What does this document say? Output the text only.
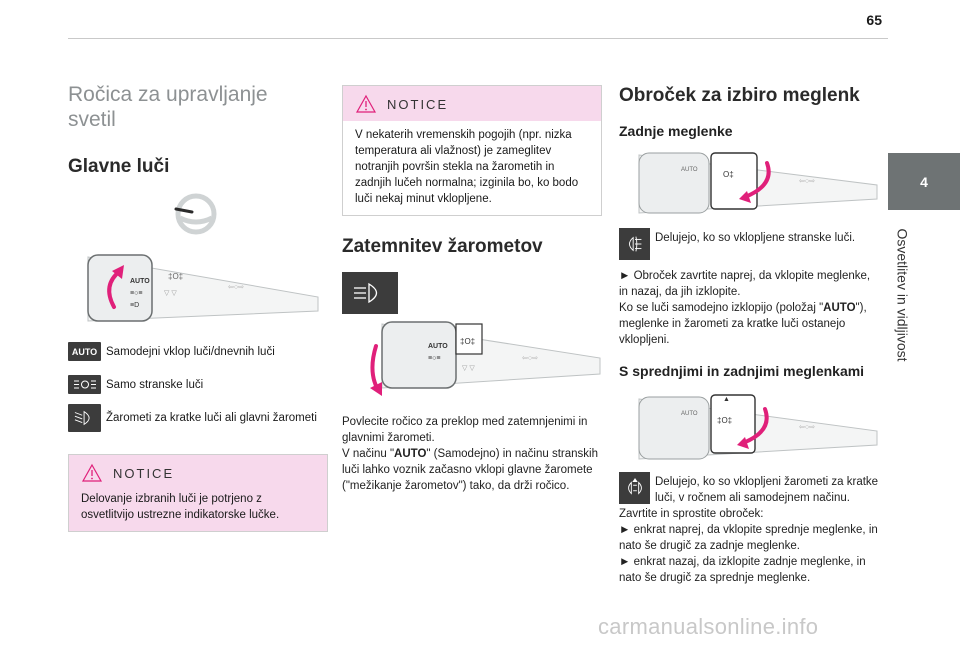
65
4
Osvetlitev in vidljivost
Ročica za upravljanje svetil
Glavne luči
AUTO
≡○≡
≡D
‡O‡
▽ ▽
⇦○⇨
AUTO Samodejni vklop luči/dnevnih luči
Samo stranske luči
Žarometi za kratke luči ali glavni žarometi
NOTICE
Delovanje izbranih luči je potrjeno z osvetlitvijo ustrezne indikatorske lučke.
NOTICE
V nekaterih vremenskih pogojih (npr. nizka temperatura ali vlažnost) je zameglitev notranjih površin stekla na žarometih in zadnjih lučeh normalna; izginila bo, ko bodo luči nekaj minut vklopljene.
Zatemnitev žarometov
AUTO
≡○≡
‡O‡
▽ ▽
⇦○⇨
Povlecite ročico za preklop med zatemnjenimi in glavnimi žarometi.
V načinu "AUTO" (Samodejno) in načinu stranskih luči lahko voznik začasno vklopi glavne žaromete ("mežikanje žarometov") tako, da drži ročico.
Obroček za izbiro meglenk
Zadnje meglenke
AUTO	O‡
⇦○⇨
Delujejo, ko so vklopljene stranske luči.
► Obroček zavrtite naprej, da vklopite meglenke, in nazaj, da jih izklopite.
Ko se luči samodejno izklopijo (položaj "AUTO"), meglenke in žarometi za kratke luči ostanejo vklopljeni.
S sprednjimi in zadnjimi meglenkami
AUTO
▲
‡O‡
⇦○⇨
Delujejo, ko so vklopljeni žarometi za kratke luči, v ročnem ali samodejnem načinu.
Zavrtite in sprostite obroček:
► enkrat naprej, da vklopite sprednje meglenke, in nato še drugič za zadnje meglenke.
► enkrat nazaj, da izklopite zadnje meglenke, in nato še drugič za sprednje meglenke.
carmanualsonline.info
